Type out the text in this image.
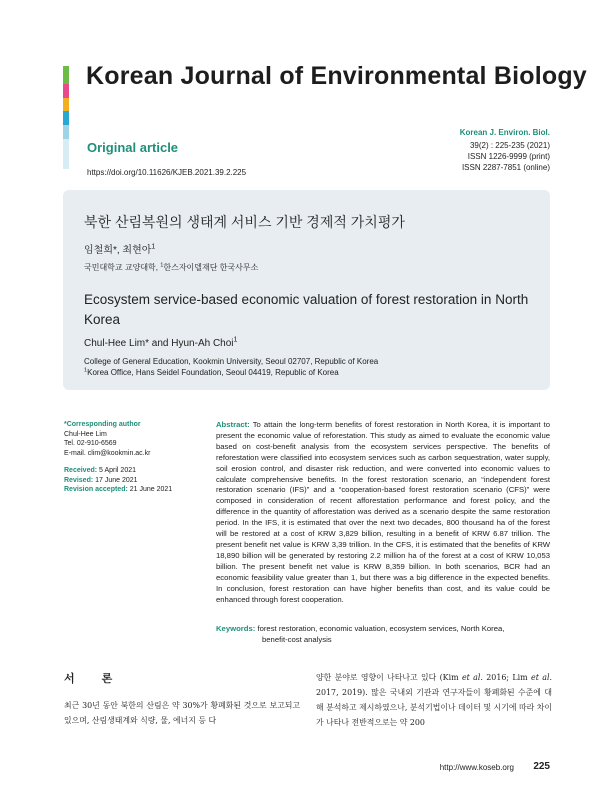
Korean Journal of Environmental Biology
Original article
https://doi.org/10.11626/KJEB.2021.39.2.225
Korean J. Environ. Biol.
39(2) : 225-235 (2021)
ISSN 1226-9999 (print)
ISSN 2287-7851 (online)
북한 산림복원의 생태계 서비스 기반 경제적 가치평가
임철희*, 최현아$^1$
국민대학교 교양대학, $^1$한스자이델재단 한국사무소
Ecosystem service-based economic valuation of forest restoration in North Korea
Chul-Hee Lim* and Hyun-Ah Choi$^1$
College of General Education, Kookmin University, Seoul 02707, Republic of Korea
$^1$Korea Office, Hans Seidel Foundation, Seoul 04419, Republic of Korea
*Corresponding author
Chul-Hee Lim
Tel. 02-910-6569
E-mail. clim@kookmin.ac.kr
Received: 5 April 2021
Revised: 17 June 2021
Revision accepted: 21 June 2021

Abstract: To attain the long-term benefits of forest restoration in North Korea, it is important to present the economic value of reforestation. This study as aimed to evaluate the economic value based on cost-benefit analysis from the ecosystem services perspective. The benefits of reforestation were classified into ecosystem services such as carbon sequestration, water supply, soil erosion control, and disaster risk reduction, and were converted into economic values to calculate comprehensive benefits. In the forest restoration scenario, an “independent forest restoration scenario (IFS)” and a “cooperation-based forest restoration scenario (CFS)” were composed in consideration of recent afforestation performance and forest policy, and the difference in the quantity of afforestation was derived as a scenario despite the same restoration period. In the IFS, it is estimated that over the next two decades, 800 thousand ha of the forest will be restored at a cost of KRW 3,829 billion, resulting in a benefit of KRW 6.87 trillion. The present benefit net value is KRW 3,39 trillion. In the CFS, it is estimated that the benefits of KRW 18,890 billion will be generated by restoring 2.2 million ha of the forest at a cost of KRW 10,053 billion. The present benefit net value is KRW 8,359 billion. In both scenarios, BCR had an economic feasibility value greater than 1, but there was a big difference in the expected benefits. In conclusion, forest restoration can have higher benefits than cost, and its value could be enhanced through forest cooperation.

Keywords: forest restoration, economic valuation, ecosystem services, North Korea,
benefit-cost analysis
서 론
최근 30년 동안 북한의 산림은 약 30%가 황폐화된 것으로 보고되고 있으며, 산림생태계와 식량, 물, 에너지 등 다
양한 분야로 영향이 나타나고 있다 (Kim et al. 2016; Lim et al. 2017, 2019). 많은 국내외 기관과 연구자들이 황폐화된 수준에 대해 분석하고 제시하였으나, 분석기법이나 데이터 및 시기에 따라 차이가 나타나 전반적으로는 약 200
http://www.koseb.org 225
